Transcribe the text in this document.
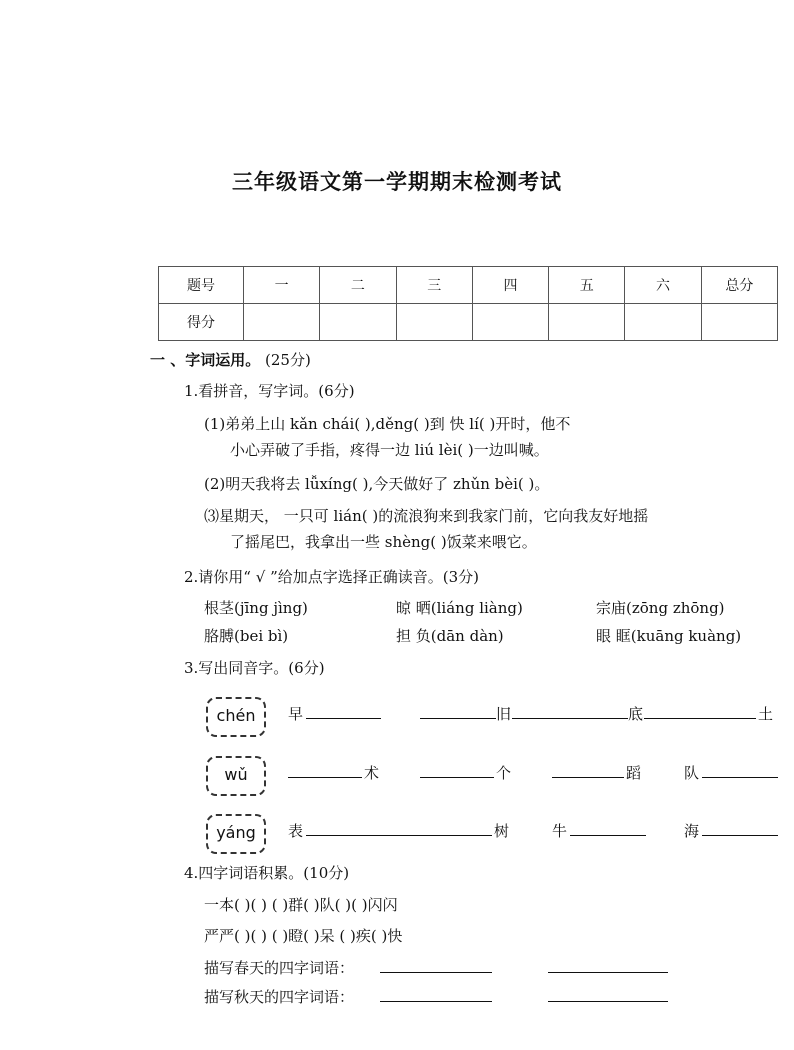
三年级语文第一学期期末检测考试
题号	一	二	三	四	五	六	总分
得分							
一 、字词运用。 (25分)
1.看拼音，写字词。(6分)
(1)弟弟上山 kǎn chái( ),děng( )到 快 lí( )开时，他不
小心弄破了手指，疼得一边 liú lèi( )一边叫喊。
(2)明天我将去 lǚxíng( ),今天做好了 zhǔn bèi( )。
⑶星期天， 一只可 lián( )的流浪狗来到我家门前，它向我友好地摇
了摇尾巴，我拿出一些 shèng( )饭菜来喂它。
2.请你用“ √ ”给加点字选择正确读音。(3分)
根茎(jīng jìng)	晾 晒(liáng liàng)	宗庙(zōng zhōng)
胳膊(bei bì)	担 负(dān dàn)	眼 眶(kuāng kuàng)
3.写出同音字。(6分)
chén	早	旧	底	土
wǔ	术	个	蹈	队
yáng	表	树	牛	海
4.四字词语积累。(10分)
一本( )( ) ( )群( )队( )( )闪闪
严严( )( ) ( )瞪( )呆 ( )疾( )快
描写春天的四字词语：
描写秋天的四字词语：
